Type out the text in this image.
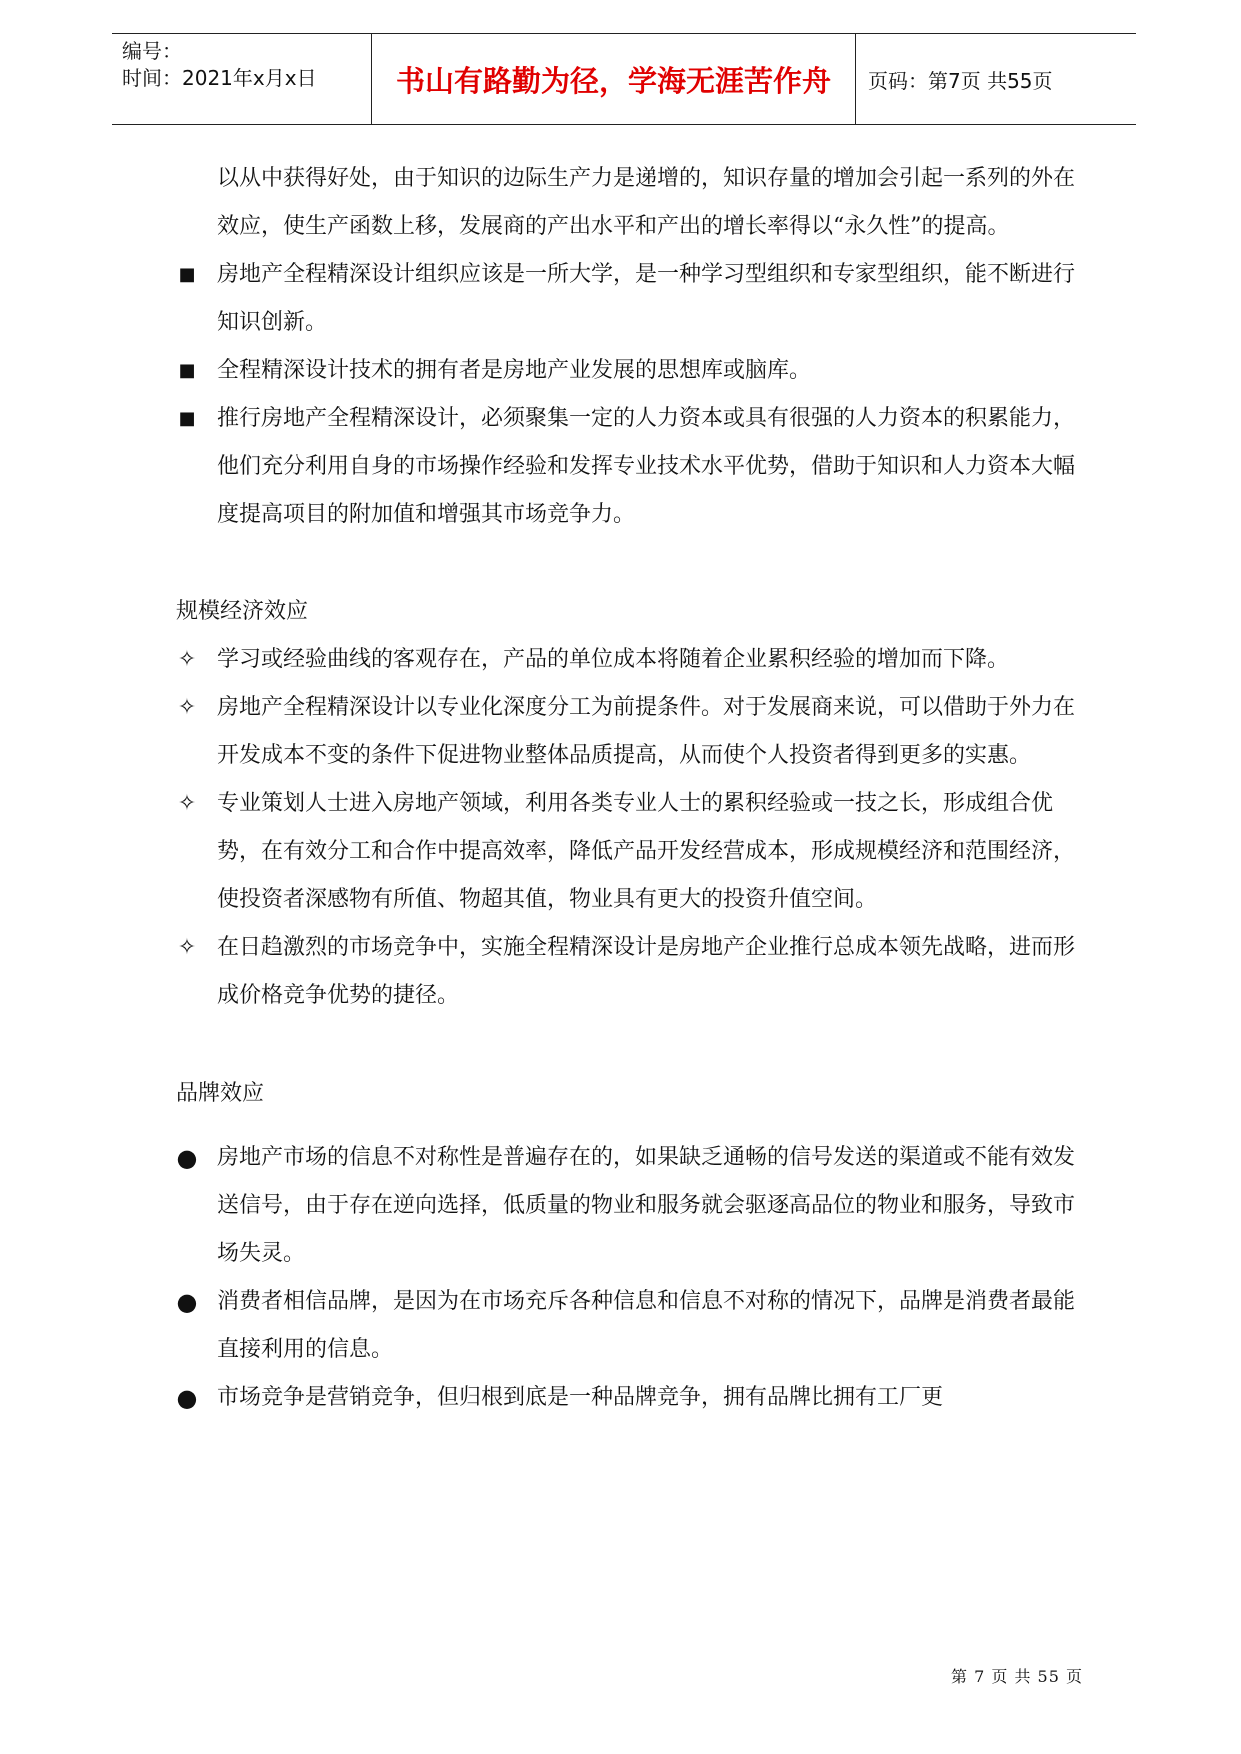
编号：
时间：2021年x月x日	书山有路勤为径，学海无涯苦作舟	页码：第7页 共55页

以从中获得好处，由于知识的边际生产力是递增的，知识存量的增加会引起一系列的外在效应，使生产函数上移，发展商的产出水平和产出的增长率得以“永久性”的提高。

■ 房地产全程精深设计组织应该是一所大学，是一种学习型组织和专家型组织，能不断进行知识创新。
■ 全程精深设计技术的拥有者是房地产业发展的思想库或脑库。
■ 推行房地产全程精深设计，必须聚集一定的人力资本或具有很强的人力资本的积累能力，他们充分利用自身的市场操作经验和发挥专业技术水平优势，借助于知识和人力资本大幅度提高项目的附加值和增强其市场竞争力。
规模经济效应
✧ 学习或经验曲线的客观存在，产品的单位成本将随着企业累积经验的增加而下降。
✧ 房地产全程精深设计以专业化深度分工为前提条件。对于发展商来说，可以借助于外力在开发成本不变的条件下促进物业整体品质提高，从而使个人投资者得到更多的实惠。
✧ 专业策划人士进入房地产领域，利用各类专业人士的累积经验或一技之长，形成组合优势，在有效分工和合作中提高效率，降低产品开发经营成本，形成规模经济和范围经济，使投资者深感物有所值、物超其值，物业具有更大的投资升值空间。
✧ 在日趋激烈的市场竞争中，实施全程精深设计是房地产企业推行总成本领先战略，进而形成价格竞争优势的捷径。
品牌效应
● 房地产市场的信息不对称性是普遍存在的，如果缺乏通畅的信号发送的渠道或不能有效发送信号，由于存在逆向选择，低质量的物业和服务就会驱逐高品位的物业和服务，导致市场失灵。
● 消费者相信品牌，是因为在市场充斥各种信息和信息不对称的情况下，品牌是消费者最能直接利用的信息。
● 市场竞争是营销竞争，但归根到底是一种品牌竞争，拥有品牌比拥有工厂更
第 7 页 共 55 页
